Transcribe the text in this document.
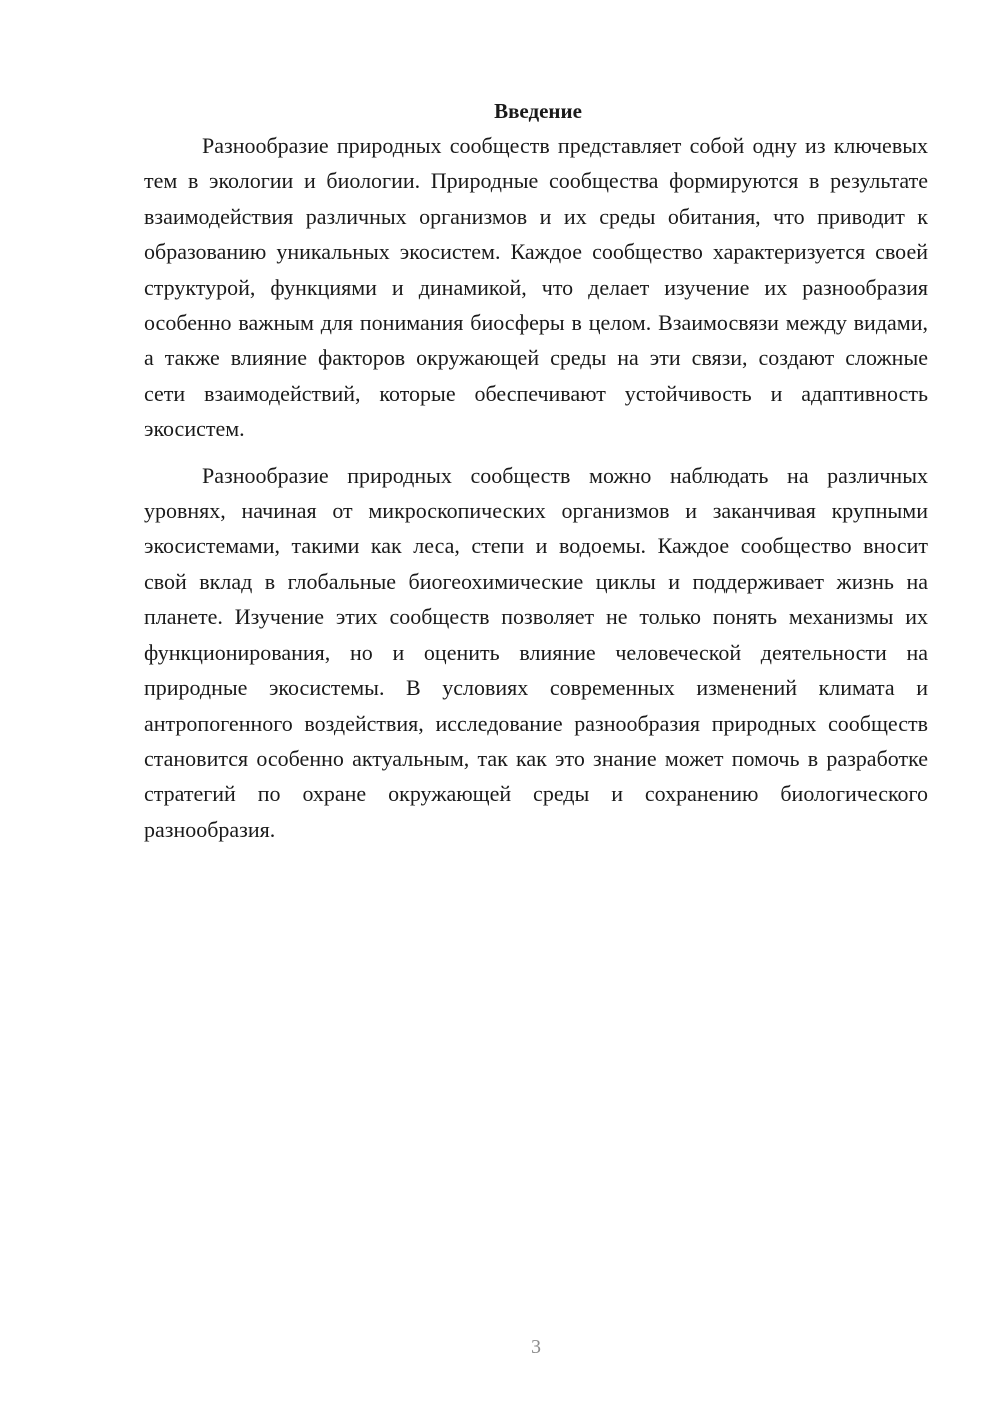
Введение

Разнообразие природных сообществ представляет собой одну из ключевых тем в экологии и биологии. Природные сообщества формируются в результате взаимодействия различных организмов и их среды обитания, что приводит к образованию уникальных экосистем. Каждое сообщество характеризуется своей структурой, функциями и динамикой, что делает изучение их разнообразия особенно важным для понимания биосферы в целом. Взаимосвязи между видами, а также влияние факторов окружающей среды на эти связи, создают сложные сети взаимодействий, которые обеспечивают устойчивость и адаптивность экосистем.

Разнообразие природных сообществ можно наблюдать на различных уровнях, начиная от микроскопических организмов и заканчивая крупными экосистемами, такими как леса, степи и водоемы. Каждое сообщество вносит свой вклад в глобальные биогеохимические циклы и поддерживает жизнь на планете. Изучение этих сообществ позволяет не только понять механизмы их функционирования, но и оценить влияние человеческой деятельности на природные экосистемы. В условиях современных изменений климата и антропогенного воздействия, исследование разнообразия природных сообществ становится особенно актуальным, так как это знание может помочь в разработке стратегий по охране окружающей среды и сохранению биологического разнообразия.

3
